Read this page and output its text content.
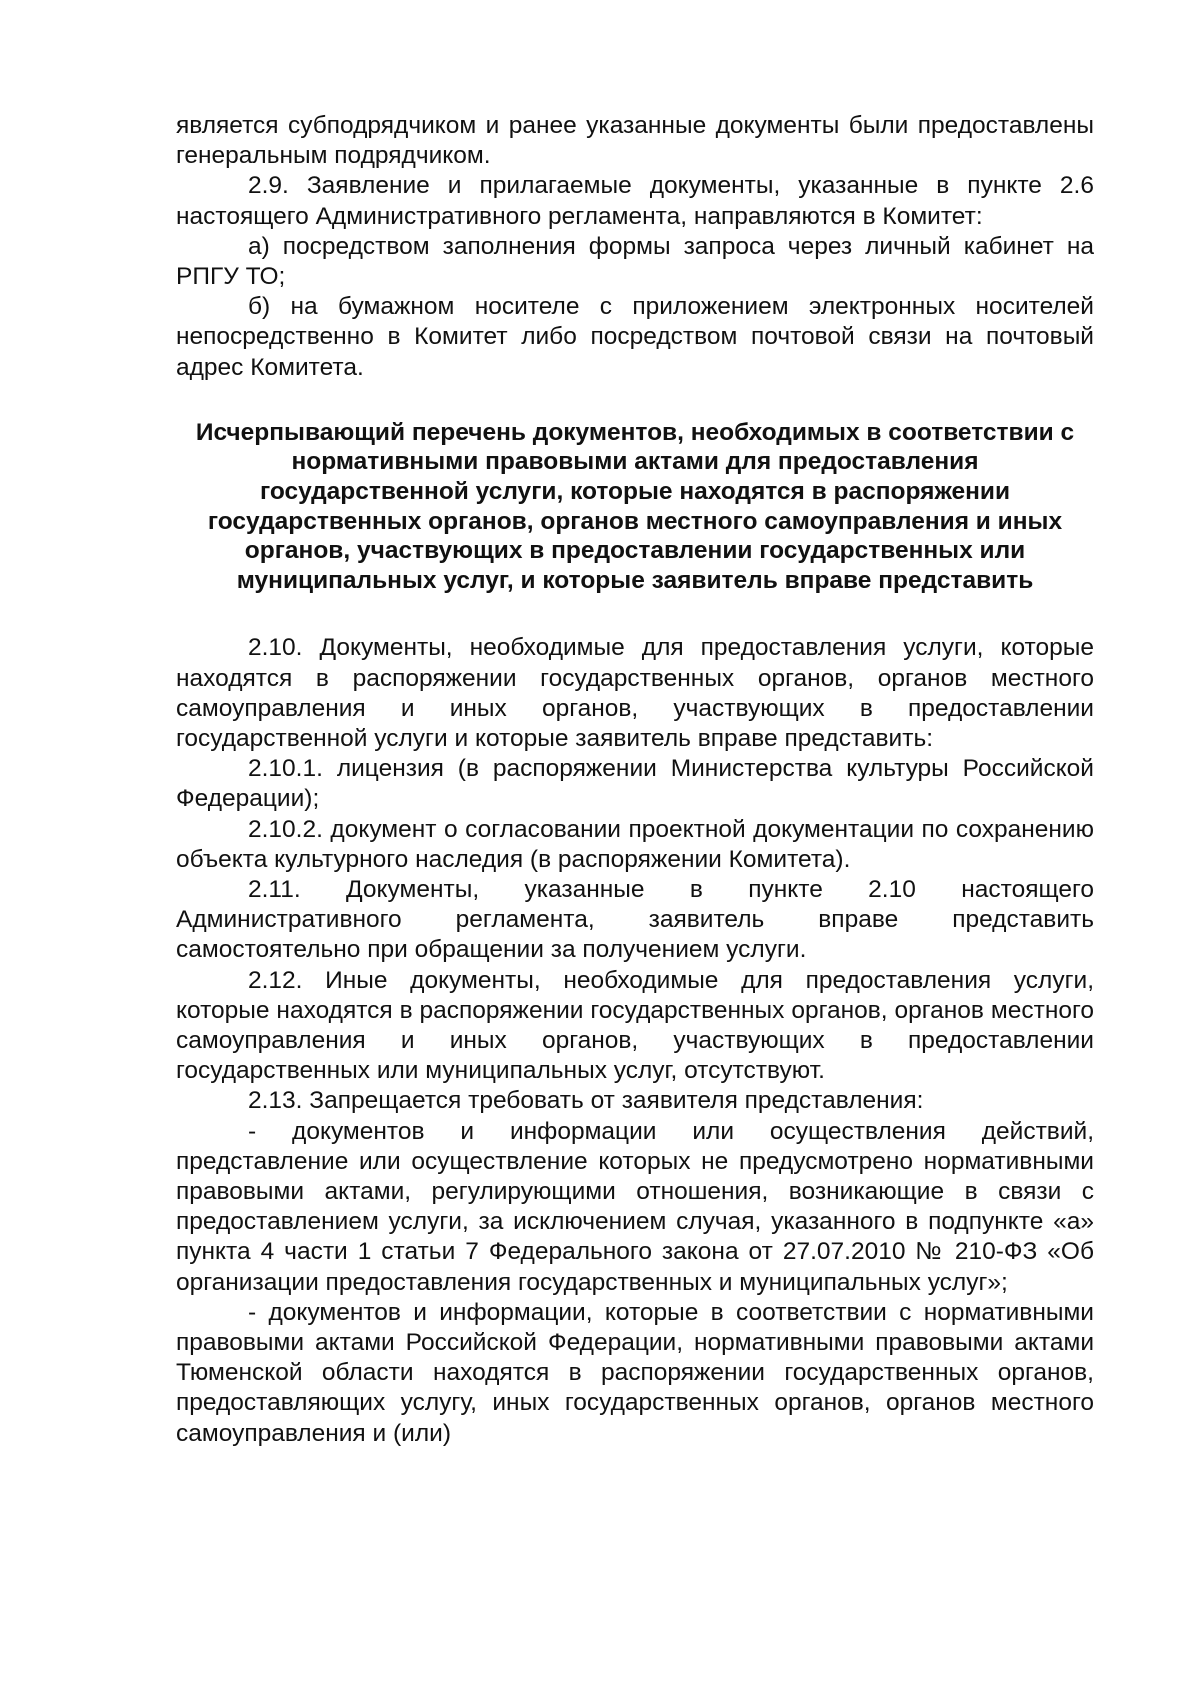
является субподрядчиком и ранее указанные документы были предоставлены генеральным подрядчиком.

2.9. Заявление и прилагаемые документы, указанные в пункте 2.6 настоящего Административного регламента, направляются в Комитет:

а) посредством заполнения формы запроса через личный кабинет на РПГУ ТО;

б) на бумажном носителе с приложением электронных носителей непосредственно в Комитет либо посредством почтовой связи на почтовый адрес Комитета.

Исчерпывающий перечень документов, необходимых в соответствии с нормативными правовыми актами для предоставления государственной услуги, которые находятся в распоряжении государственных органов, органов местного самоуправления и иных органов, участвующих в предоставлении государственных или муниципальных услуг, и которые заявитель вправе представить

2.10. Документы, необходимые для предоставления услуги, которые находятся в распоряжении государственных органов, органов местного самоуправления и иных органов, участвующих в предоставлении государственной услуги и которые заявитель вправе представить:

2.10.1. лицензия (в распоряжении Министерства культуры Российской Федерации);

2.10.2. документ о согласовании проектной документации по сохранению объекта культурного наследия (в распоряжении Комитета).

2.11. Документы, указанные в пункте 2.10 настоящего Административного регламента, заявитель вправе представить самостоятельно при обращении за получением услуги.

2.12. Иные документы, необходимые для предоставления услуги, которые находятся в распоряжении государственных органов, органов местного самоуправления и иных органов, участвующих в предоставлении государственных или муниципальных услуг, отсутствуют.

2.13. Запрещается требовать от заявителя представления:

- документов и информации или осуществления действий, представление или осуществление которых не предусмотрено нормативными правовыми актами, регулирующими отношения, возникающие в связи с предоставлением услуги, за исключением случая, указанного в подпункте «а» пункта 4 части 1 статьи 7 Федерального закона от 27.07.2010 № 210-ФЗ «Об организации предоставления государственных и муниципальных услуг»;

- документов и информации, которые в соответствии с нормативными правовыми актами Российской Федерации, нормативными правовыми актами Тюменской области находятся в распоряжении государственных органов, предоставляющих услугу, иных государственных органов, органов местного самоуправления и (или)
